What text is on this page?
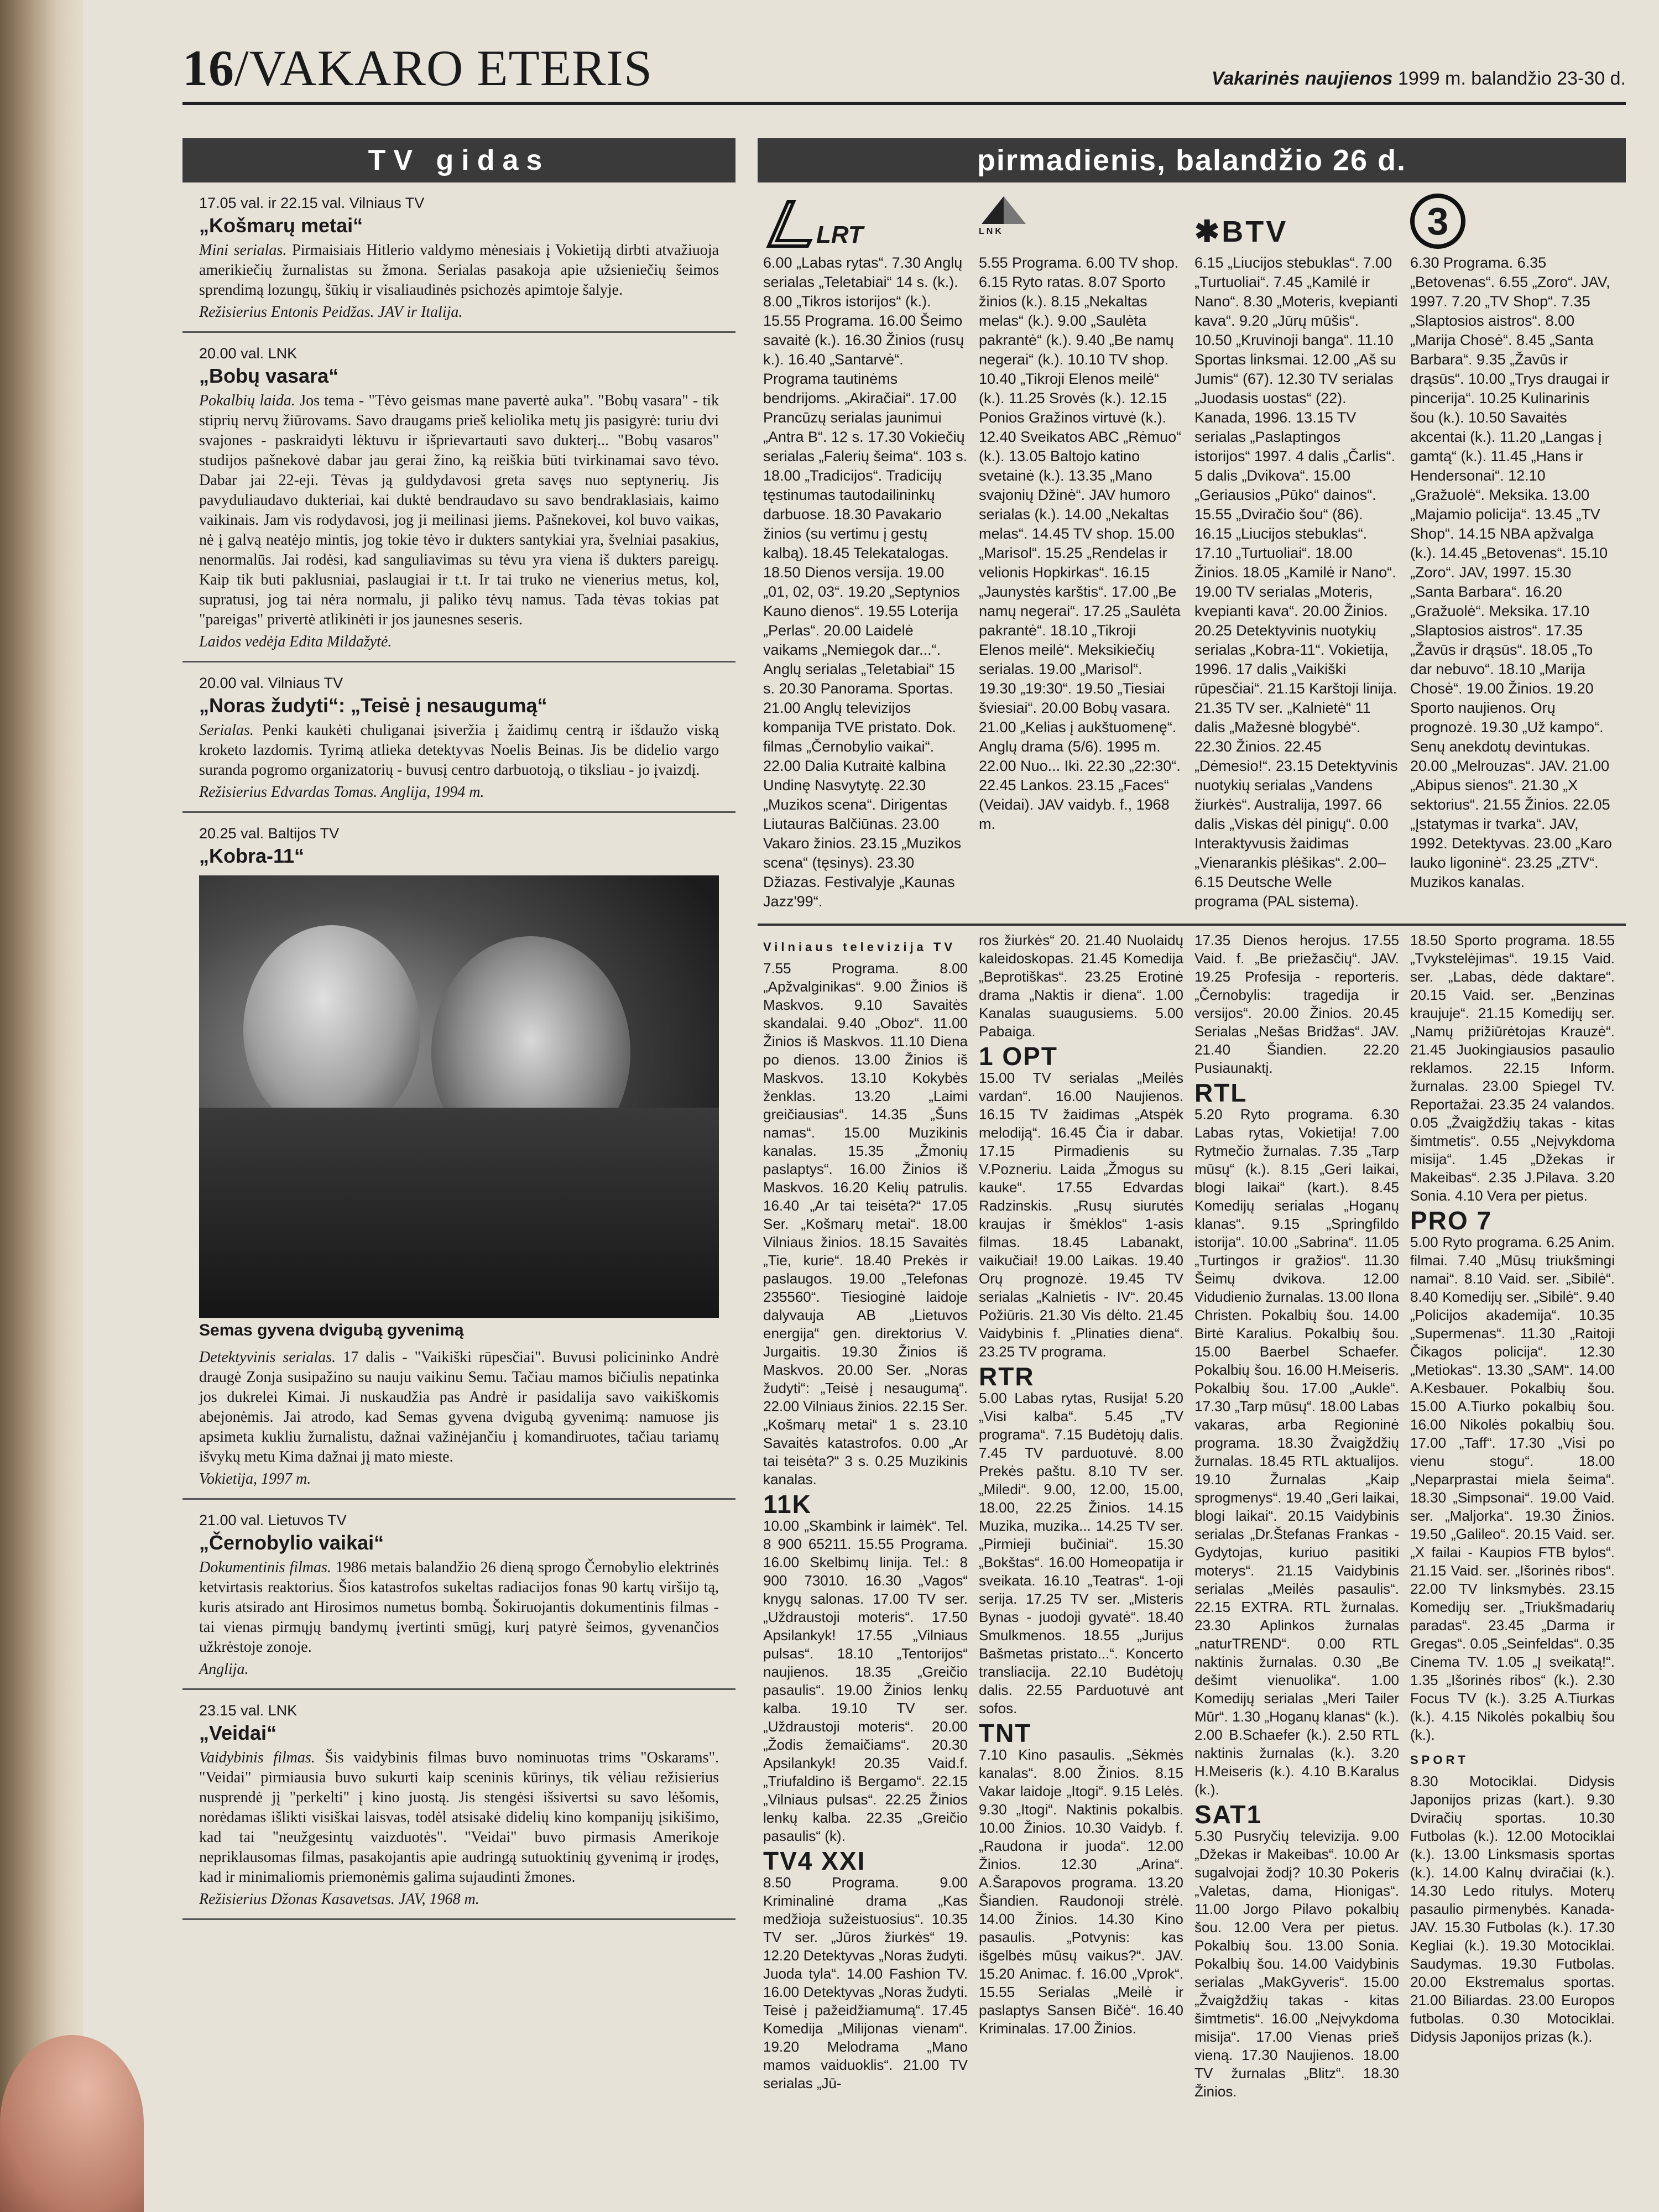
16/VAKARO ETERIS	Vakarinės naujienos 1999 m. balandžio 23-30 d.
TV gidas
17.05 val. ir 22.15 val. Vilniaus TV
„Košmarų metai“
Mini serialas. Pirmaisiais Hitlerio valdymo mėnesiais į Vokietiją dirbti atvažiuoja amerikiečių žurnalistas su žmona. Serialas pasakoja apie užsieniečių šeimos sprendimą lozungų, šūkių ir visaliaudinės psichozės apimtoje šalyje.
Režisierius Entonis Peidžas. JAV ir Italija.
20.00 val. LNK
„Bobų vasara“
Pokalbių laida. Jos tema - "Tėvo geismas mane pavertė auka". "Bobų vasara" - tik stiprių nervų žiūrovams. Savo draugams prieš keliolika metų jis pasigyrė: turiu dvi svajones - paskraidyti lėktuvu ir išprievartauti savo dukterį... "Bobų vasaros" studijos pašnekovė dabar jau gerai žino, ką reiškia būti tvirkinamai savo tėvo. Dabar jai 22-eji. Tėvas ją guldydavosi greta savęs nuo septynerių. Jis pavyduliaudavo dukteriai, kai duktė bendraudavo su savo bendraklasiais, kaimo vaikinais. Jam vis rodydavosi, jog ji meilinasi jiems. Pašnekovei, kol buvo vaikas, nė į galvą neatėjo mintis, jog tokie tėvo ir dukters santykiai yra, švelniai pasakius, nenormalūs. Jai rodėsi, kad sanguliavimas su tėvu yra viena iš dukters pareigų. Kaip tik buti paklusniai, paslaugiai ir t.t. Ir tai truko ne vienerius metus, kol, supratusi, jog tai nėra normalu, ji paliko tėvų namus. Tada tėvas tokias pat "pareigas" privertė atlikinėti ir jos jaunesnes seseris.
Laidos vedėja Edita Mildažytė.
20.00 val. Vilniaus TV
„Noras žudyti“: „Teisė į nesaugumą“
Serialas. Penki kaukėti chuliganai įsiveržia į žaidimų centrą ir išdaužo viską kroketo lazdomis. Tyrimą atlieka detektyvas Noelis Beinas. Jis be didelio vargo suranda pogromo organizatorių - buvusį centro darbuotoją, o tiksliau - jo įvaizdį.
Režisierius Edvardas Tomas. Anglija, 1994 m.
20.25 val. Baltijos TV
„Kobra-11“
Semas gyvena dvigubą gyvenimą
Detektyvinis serialas. 17 dalis - "Vaikiški rūpesčiai". Buvusi policininko Andrė draugė Zonja susipažino su nauju vaikinu Semu. Tačiau mamos bičiulis nepatinka jos dukrelei Kimai. Ji nuskaudžia pas Andrė ir pasidalija savo vaikiškomis abejonėmis. Jai atrodo, kad Semas gyvena dvigubą gyvenimą: namuose jis apsimeta kukliu žurnalistu, dažnai važinėjančiu į komandiruotes, tačiau tariamų išvykų metu Kima dažnai jį mato mieste.
Vokietija, 1997 m.
21.00 val. Lietuvos TV
„Černobylio vaikai“
Dokumentinis filmas. 1986 metais balandžio 26 dieną sprogo Černobylio elektrinės ketvirtasis reaktorius. Šios katastrofos sukeltas radiacijos fonas 90 kartų viršijo tą, kuris atsirado ant Hirosimos numetus bombą. Šokiruojantis dokumentinis filmas - tai vienas pirmųjų bandymų įvertinti smūgį, kurį patyrė šeimos, gyvenančios užkrėstoje zonoje.
Anglija.
23.15 val. LNK
„Veidai“
Vaidybinis filmas. Šis vaidybinis filmas buvo nominuotas trims "Oskarams". "Veidai" pirmiausia buvo sukurti kaip sceninis kūrinys, tik vėliau režisierius nusprendė jį "perkelti" į kino juostą. Jis stengėsi išsivertsi su savo lėšomis, norėdamas išlikti visiškai laisvas, todėl atsisakė didelių kino kompanijų įsikišimo, kad tai "neužgesintų vaizduotės". "Veidai" buvo pirmasis Amerikoje nepriklausomas filmas, pasakojantis apie audringą sutuoktinių gyvenimą ir įrodęs, kad ir minimaliomis priemonėmis galima sujaudinti žmones.
Režisierius Džonas Kasavetsas. JAV, 1968 m.
pirmadienis, balandžio 26 d.
LRT
6.00 „Labas rytas“. 7.30 Anglų serialas „Teletabiai“ 14 s. (k.). 8.00 „Tikros istorijos“ (k.). 15.55 Programa. 16.00 Šeimo savaitė (k.). 16.30 Žinios (rusų k.). 16.40 „Santarvė“. Programa tautinėms bendrijoms. „Akiračiai“. 17.00 Prancūzų serialas jaunimui „Antra B“. 12 s. 17.30 Vokiečių serialas „Falerių šeima“. 103 s. 18.00 „Tradicijos“. Tradicijų tęstinumas tautodailininkų darbuose. 18.30 Pavakario žinios (su vertimu į gestų kalbą). 18.45 Telekatalogas. 18.50 Dienos versija. 19.00 „01, 02, 03“. 19.20 „Septynios Kauno dienos“. 19.55 Loterija „Perlas“. 20.00 Laidelė vaikams „Nemiegok dar...“. Anglų serialas „Teletabiai“ 15 s. 20.30 Panorama. Sportas. 21.00 Anglų televizijos kompanija TVE pristato. Dok. filmas „Černobylio vaikai“. 22.00 Dalia Kutraitė kalbina Undinę Nasvytytę. 22.30 „Muzikos scena“. Dirigentas Liutauras Balčiūnas. 23.00 Vakaro žinios. 23.15 „Muzikos scena“ (tęsinys). 23.30 Džiazas. Festivalyje „Kaunas Jazz'99“.
LNK
5.55 Programa. 6.00 TV shop. 6.15 Ryto ratas. 8.07 Sporto žinios (k.). 8.15 „Nekaltas melas“ (k.). 9.00 „Saulėta pakrantė“ (k.). 9.40 „Be namų negerai“ (k.). 10.10 TV shop. 10.40 „Tikroji Elenos meilė“ (k.). 11.25 Srovės (k.). 12.15 Ponios Gražinos virtuvė (k.). 12.40 Sveikatos ABC „Rėmuo“ (k.). 13.05 Baltojo katino svetainė (k.). 13.35 „Mano svajonių Džinė“. JAV humoro serialas (k.). 14.00 „Nekaltas melas“. 14.45 TV shop. 15.00 „Marisol“. 15.25 „Rendelas ir velionis Hopkirkas“. 16.15 „Jaunystės karštis“. 17.00 „Be namų negerai“. 17.25 „Saulėta pakrantė“. 18.10 „Tikroji Elenos meilė“. Meksikiečių serialas. 19.00 „Marisol“. 19.30 „19:30“. 19.50 „Tiesiai šviesiai“. 20.00 Bobų vasara. 21.00 „Kelias į aukštuomenę“. Anglų drama (5/6). 1995 m. 22.00 Nuo... Iki. 22.30 „22:30“. 22.45 Lankos. 23.15 „Faces“ (Veidai). JAV vaidyb. f., 1968 m.
✱ BTV
6.15 „Liucijos stebuklas“. 7.00 „Turtuoliai“. 7.45 „Kamilė ir Nano“. 8.30 „Moteris, kvepianti kava“. 9.20 „Jūrų mūšis“. 10.50 „Kruvinoji banga“. 11.10 Sportas linksmai. 12.00 „Aš su Jumis“ (67). 12.30 TV serialas „Juodasis uostas“ (22). Kanada, 1996. 13.15 TV serialas „Paslaptingos istorijos“ 1997. 4 dalis „Čarlis“. 5 dalis „Dvikova“. 15.00 „Geriausios „Pūko“ dainos“. 15.55 „Dviračio šou“ (86). 16.15 „Liucijos stebuklas“. 17.10 „Turtuoliai“. 18.00 Žinios. 18.05 „Kamilė ir Nano“. 19.00 TV serialas „Moteris, kvepianti kava“. 20.00 Žinios. 20.25 Detektyvinis nuotykių serialas „Kobra-11“. Vokietija, 1996. 17 dalis „Vaikiški rūpesčiai“. 21.15 Karštoji linija. 21.35 TV ser. „Kalnietė“ 11 dalis „Mažesnė blogybė“. 22.30 Žinios. 22.45 „Dėmesio!“. 23.15 Detektyvinis nuotykių serialas „Vandens žiurkės“. Australija, 1997. 66 dalis „Viskas dėl pinigų“. 0.00 Interaktyvusis žaidimas „Vienarankis plėšikas“. 2.00–6.15 Deutsche Welle programa (PAL sistema).
3
6.30 Programa. 6.35 „Betovenas“. 6.55 „Zoro“. JAV, 1997. 7.20 „TV Shop“. 7.35 „Slaptosios aistros“. 8.00 „Marija Chosė“. 8.45 „Santa Barbara“. 9.35 „Žavūs ir drąsūs“. 10.00 „Trys draugai ir pincerija“. 10.25 Kulinarinis šou (k.). 10.50 Savaitės akcentai (k.). 11.20 „Langas į gamtą“ (k.). 11.45 „Hans ir Hendersonai“. 12.10 „Gražuolė“. Meksika. 13.00 „Majamio policija“. 13.45 „TV Shop“. 14.15 NBA apžvalga (k.). 14.45 „Betovenas“. 15.10 „Zoro“. JAV, 1997. 15.30 „Santa Barbara“. 16.20 „Gražuolė“. Meksika. 17.10 „Slaptosios aistros“. 17.35 „Žavūs ir drąsūs“. 18.05 „To dar nebuvo“. 18.10 „Marija Chosė“. 19.00 Žinios. 19.20 Sporto naujienos. Orų prognozė. 19.30 „Už kampo“. Senų anekdotų devintukas. 20.00 „Melrouzas“. JAV. 21.00 „Abipus sienos“. 21.30 „X sektorius“. 21.55 Žinios. 22.05 „Įstatymas ir tvarka“. JAV, 1992. Detektyvas. 23.00 „Karo lauko ligoninė“. 23.25 „ZTV“. Muzikos kanalas.
Vilniaus televizija TV
7.55 Programa. 8.00 „Apžvalginikas“. 9.00 Žinios iš Maskvos. 9.10 Savaitės skandalai. 9.40 „Oboz“. 11.00 Žinios iš Maskvos. 11.10 Diena po dienos. 13.00 Žinios iš Maskvos. 13.10 Kokybės ženklas. 13.20 „Laimi greičiausias“. 14.35 „Šuns namas“. 15.00 Muzikinis kanalas. 15.35 „Žmonių paslaptys“. 16.00 Žinios iš Maskvos. 16.20 Kelių patrulis. 16.40 „Ar tai teisėta?“ 17.05 Ser. „Košmarų metai“. 18.00 Vilniaus žinios. 18.15 Savaitės „Tie, kurie“. 18.40 Prekės ir paslaugos. 19.00 „Telefonas 235560“. Tiesioginė laidoje dalyvauja AB „Lietuvos energija“ gen. direktorius V. Jurgaitis. 19.30 Žinios iš Maskvos. 20.00 Ser. „Noras žudyti“: „Teisė į nesaugumą“. 22.00 Vilniaus žinios. 22.15 Ser. „Košmarų metai“ 1 s. 23.10 Savaitės katastrofos. 0.00 „Ar tai teisėta?“ 3 s. 0.25 Muzikinis kanalas.
11K
10.00 „Skambink ir laimėk“. Tel. 8 900 65211. 15.55 Programa. 16.00 Skelbimų linija. Tel.: 8 900 73010. 16.30 „Vagos“ knygų salonas. 17.00 TV ser. „Uždraustoji moteris“. 17.50 Apsilankyk! 17.55 „Vilniaus pulsas“. 18.10 „Tentorijos“ naujienos. 18.35 „Greičio pasaulis“. 19.00 Žinios lenkų kalba. 19.10 TV ser. „Uždraustoji moteris“. 20.00 „Žodis žemaičiams“. 20.30 Apsilankyk! 20.35 Vaid.f. „Triufaldino iš Bergamo“. 22.15 „Vilniaus pulsas“. 22.25 Žinios lenkų kalba. 22.35 „Greičio pasaulis“ (k).
TV4 XXI
8.50 Programa. 9.00 Kriminalinė drama „Kas medžioja sužeistuosius“. 10.35 TV ser. „Jūros žiurkės“ 19. 12.20 Detektyvas „Noras žudyti. Juoda tyla“. 14.00 Fashion TV. 16.00 Detektyvas „Noras žudyti. Teisė į pažeidžiamumą“. 17.45 Komedija „Milijonas vienam“. 19.20 Melodrama „Mano mamos vaiduoklis“. 21.00 TV serialas „Jū-
ros žiurkės“ 20. 21.40 Nuolaidų kaleidoskopas. 21.45 Komedija „Beprotiškas“. 23.25 Erotinė drama „Naktis ir diena“. 1.00 Kanalas suaugusiems. 5.00 Pabaiga.
1 OPT
15.00 TV serialas „Meilės vardan“. 16.00 Naujienos. 16.15 TV žaidimas „Atspėk melodiją“. 16.45 Čia ir dabar. 17.15 Pirmadienis su V.Pozneriu. Laida „Žmogus su kauke“. 17.55 Edvardas Radzinskis. „Rusų siurutės kraujas ir šmėklos“ 1-asis filmas. 18.45 Labanakt, vaikučiai! 19.00 Laikas. 19.40 Orų prognozė. 19.45 TV serialas „Kalnietis - IV“. 20.45 Požiūris. 21.30 Vis dėlto. 21.45 Vaidybinis f. „Plinaties diena“. 23.25 TV programa.
RTR
5.00 Labas rytas, Rusija! 5.20 „Visi kalba“. 5.45 „TV programa“. 7.15 Budėtojų dalis. 7.45 TV parduotuvė. 8.00 Prekės paštu. 8.10 TV ser. „Miledi“. 9.00, 12.00, 15.00, 18.00, 22.25 Žinios. 14.15 Muzika, muzika... 14.25 TV ser. „Pirmieji bučiniai“. 15.30 „Bokštas“. 16.00 Homeopatija ir sveikata. 16.10 „Teatras“. 1-oji serija. 17.25 TV ser. „Misteris Bynas - juodoji gyvatė“. 18.40 Smulkmenos. 18.55 „Jurijus Bašmetas pristato...“. Koncerto transliacija. 22.10 Budėtojų dalis. 22.55 Parduotuvė ant sofos.
TNT
7.10 Kino pasaulis. „Sėkmės kanalas“. 8.00 Žinios. 8.15 Vakar laidoje „Itogi“. 9.15 Lelės. 9.30 „Itogi“. Naktinis pokalbis. 10.00 Žinios. 10.30 Vaidyb. f. „Raudona ir juoda“. 12.00 Žinios. 12.30 „Arina“. A.Šarapovos programa. 13.20 Šiandien. Raudonoji strėlė. 14.00 Žinios. 14.30 Kino pasaulis. „Potvynis: kas išgelbės mūsų vaikus?“. JAV. 15.20 Animac. f. 16.00 „Vprok“. 15.55 Serialas „Meilė ir paslaptys Sansen Bičė“. 16.40 Kriminalas. 17.00 Žinios.
17.35 Dienos herojus. 17.55 Vaid. f. „Be priežasčių“. JAV. 19.25 Profesija - reporteris. „Černobylis: tragedija ir versijos“. 20.00 Žinios. 20.45 Serialas „Nešas Bridžas“. JAV. 21.40 Šiandien. 22.20 Pusiaunaktį.
RTL
5.20 Ryto programa. 6.30 Labas rytas, Vokietija! 7.00 Rytmečio žurnalas. 7.35 „Tarp mūsų“ (k.). 8.15 „Geri laikai, blogi laikai“ (kart.). 8.45 Komedijų serialas „Hoganų klanas“. 9.15 „Springfildo istorija“. 10.00 „Sabrina“. 11.05 „Turtingos ir gražios“. 11.30 Šeimų dvikova. 12.00 Vidudienio žurnalas. 13.00 Ilona Christen. Pokalbių šou. 14.00 Birtė Karalius. Pokalbių šou. 15.00 Baerbel Schaefer. Pokalbių šou. 16.00 H.Meiseris. Pokalbių šou. 17.00 „Aukle“. 17.30 „Tarp mūsų“. 18.00 Labas vakaras, arba Regioninė programa. 18.30 Žvaigždžių žurnalas. 18.45 RTL aktualijos. 19.10 Žurnalas „Kaip sprogmenys“. 19.40 „Geri laikai, blogi laikai“. 20.15 Vaidybinis serialas „Dr.Štefanas Frankas - Gydytojas, kuriuo pasitiki moterys“. 21.15 Vaidybinis serialas „Meilės pasaulis“. 22.15 EXTRA. RTL žurnalas. 23.30 Aplinkos žurnalas „naturTREND“. 0.00 RTL naktinis žurnalas. 0.30 „Be dešimt vienuolika“. 1.00 Komedijų serialas „Meri Tailer Mūr“. 1.30 „Hoganų klanas“ (k.). 2.00 B.Schaefer (k.). 2.50 RTL naktinis žurnalas (k.). 3.20 H.Meiseris (k.). 4.10 B.Karalus (k.).
SAT1
5.30 Pusryčių televizija. 9.00 „Džekas ir Makeibas“. 10.00 Ar sugalvojai žodį? 10.30 Pokeris „Valetas, dama, Hionigas“. 11.00 Jorgo Pilavo pokalbių šou. 12.00 Vera per pietus. Pokalbių šou. 13.00 Sonia. Pokalbių šou. 14.00 Vaidybinis serialas „MakGyveris“. 15.00 „Žvaigždžių takas - kitas šimtmetis“. 16.00 „Neįvykdoma misija“. 17.00 Vienas prieš vieną. 17.30 Naujienos. 18.00 TV žurnalas „Blitz“. 18.30 Žinios.
18.50 Sporto programa. 18.55 „Tvykstelėjimas“. 19.15 Vaid. ser. „Labas, dėde daktare“. 20.15 Vaid. ser. „Benzinas kraujuje“. 21.15 Komedijų ser. „Namų prižiūrėtojas Krauzė“. 21.45 Juokingiausios pasaulio reklamos. 22.15 Inform. žurnalas. 23.00 Spiegel TV. Reportažai. 23.35 24 valandos. 0.05 „Žvaigždžių takas - kitas šimtmetis“. 0.55 „Neįvykdoma misija“. 1.45 „Džekas ir Makeibas“. 2.35 J.Pilava. 3.20 Sonia. 4.10 Vera per pietus.
PRO 7
5.00 Ryto programa. 6.25 Anim. filmai. 7.40 „Mūsų triukšmingi namai“. 8.10 Vaid. ser. „Sibilė“. 8.40 Komedijų ser. „Sibilė“. 9.40 „Policijos akademija“. 10.35 „Supermenas“. 11.30 „Raitoji Čikagos policija“. 12.30 „Metiokas“. 13.30 „SAM“. 14.00 A.Kesbauer. Pokalbių šou. 15.00 A.Tiurko pokalbių šou. 16.00 Nikolės pokalbių šou. 17.00 „Taff“. 17.30 „Visi po vienu stogu“. 18.00 „Neparprastai miela šeima“. 18.30 „Simpsonai“. 19.00 Vaid. ser. „Maljorka“. 19.30 Žinios. 19.50 „Galileo“. 20.15 Vaid. ser. „X failai - Kaupios FTB bylos“. 21.15 Vaid. ser. „Išorinės ribos“. 22.00 TV linksmybės. 23.15 Komedijų ser. „Triukšmadarių paradas“. 23.45 „Darma ir Gregas“. 0.05 „Seinfeldas“. 0.35 Cinema TV. 1.05 „Į sveikatą!“. 1.35 „Išorinės ribos“ (k.). 2.30 Focus TV (k.). 3.25 A.Tiurkas (k.). 4.15 Nikolės pokalbių šou (k.).
SPORT
8.30 Motociklai. Didysis Japonijos prizas (kart.). 9.30 Dviračių sportas. 10.30 Futbolas (k.). 12.00 Motociklai (k.). 13.00 Linksmasis sportas (k.). 14.00 Kalnų dviračiai (k.). 14.30 Ledo ritulys. Moterų pasaulio pirmenybės. Kanada-JAV. 15.30 Futbolas (k.). 17.30 Kegliai (k.). 19.30 Motociklai. Saudymas. 19.30 Futbolas. 20.00 Ekstremalus sportas. 21.00 Biliardas. 23.00 Europos futbolas. 0.30 Motociklai. Didysis Japonijos prizas (k.).
